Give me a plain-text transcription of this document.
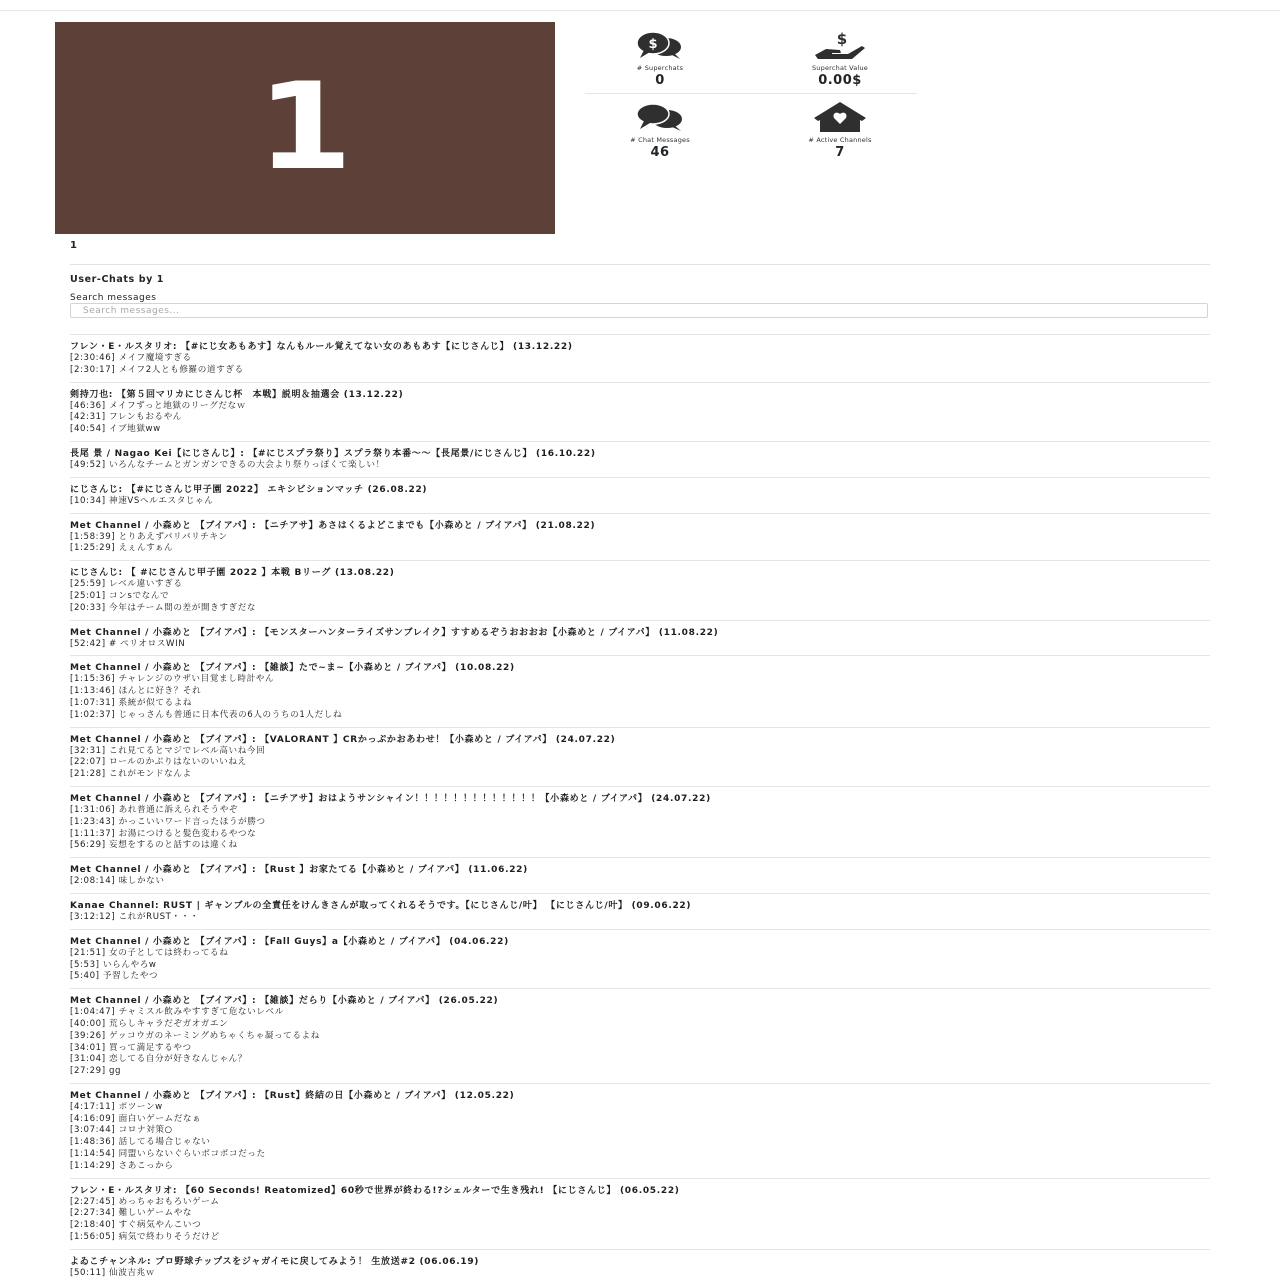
1
$
# Superchats
0
$
Superchat Value
0.00$
# Chat Messages
46
# Active Channels
7
1
User-Chats by 1
Search messages
Search messages...
フレン・E・ルスタリオ: 【#にじ女あもあす】なんもルール覚えてない女のあもあす【にじさんじ】 (13.12.22)
[2:30:46] メイフ魔境すぎる
[2:30:17] メイフ2人とも修羅の道すぎる
剣持刀也: 【第５回マリカにじさんじ杯　本戦】説明＆抽選会 (13.12.22)
[46:36] メイフずっと地獄のリーグだなｗ
[42:31] フレンもおるやん
[40:54] イブ地獄ww
長尾 景 / Nagao Kei【にじさんじ】: 【#にじスプラ祭り】スプラ祭り本番〜〜【長尾景/にじさんじ】 (16.10.22)
[49:52] いろんなチームとガンガンできるの大会より祭りっぽくて楽しい！
にじさんじ: 【#にじさんじ甲子園 2022】 エキシビションマッチ (26.08.22)
[10:34] 神速VSヘルエスタじゃん
Met Channel / 小森めと 【ブイアパ】: 【ニチアサ】あさはくるよどこまでも【小森めと / ブイアパ】 (21.08.22)
[1:58:39] とりあえずパリパリチキン
[1:25:29] えぇんすぁん
にじさんじ: 【 #にじさんじ甲子園 2022 】本戦 Bリーグ (13.08.22)
[25:59] レベル違いすぎる
[25:01] コンsでなんで
[20:33] 今年はチーム間の差が開きすぎだな
Met Channel / 小森めと 【ブイアパ】: 【モンスターハンターライズサンブレイク】すすめるぞうおおおお【小森めと / ブイアパ】 (11.08.22)
[52:42] # ペリオロスWIN
Met Channel / 小森めと 【ブイアパ】: 【雑談】たで~ま~【小森めと / ブイアパ】 (10.08.22)
[1:15:36] チャレンジのウザい目覚まし時計やん
[1:13:46] ほんとに好き？それ
[1:07:31] 系統が似てるよね
[1:02:37] じゃっさんも普通に日本代表の6人のうちの1人だしね
Met Channel / 小森めと 【ブイアパ】: 【VALORANT 】CRかっぷかおあわせ！【小森めと / ブイアパ】 (24.07.22)
[32:31] これ見てるとマジでレベル高いね今回
[22:07] ロールのかぶりはないのいいねえ
[21:28] これがモンドなんよ
Met Channel / 小森めと 【ブイアパ】: 【ニチアサ】おはようサンシャイン！！！！！！！！！！！！！【小森めと / ブイアパ】 (24.07.22)
[1:31:06] あれ普通に訴えられそうやぞ
[1:23:43] かっこいいワード言ったほうが勝つ
[1:11:37] お湯につけると髪色変わるやつな
[56:29] 妄想をするのと話すのは違くね
Met Channel / 小森めと 【ブイアパ】: 【Rust 】お家たてる【小森めと / ブイアパ】 (11.06.22)
[2:08:14] 味しかない
Kanae Channel: RUST | ギャンブルの全責任をけんきさんが取ってくれるそうです。【にじさんじ/叶】 【にじさんじ/叶】 (09.06.22)
[3:12:12] これがRUST・・・
Met Channel / 小森めと 【ブイアパ】: 【Fall Guys】a【小森めと / ブイアパ】 (04.06.22)
[21:51] 女の子としては終わってるね
[5:53] いらんやろw
[5:40] 予習したやつ
Met Channel / 小森めと 【ブイアパ】: 【雑談】だらり【小森めと / ブイアパ】 (26.05.22)
[1:04:47] チャミスル飲みやすすぎて危ないレベル
[40:00] 荒らしキャラだぞガオガエン
[39:26] ゲッコウガのネーミングめちゃくちゃ凝ってるよね
[34:01] 買って満足するやつ
[31:04] 恋してる自分が好きなんじゃん？
[27:29] gg
Met Channel / 小森めと 【ブイアパ】: 【Rust】終結の日【小森めと / ブイアパ】 (12.05.22)
[4:17:11] ポツーンw
[4:16:09] 面白いゲームだなぁ
[3:07:44] コロナ対策○
[1:48:36] 話してる場合じゃない
[1:14:54] 同盟いらないぐらいボコボコだった
[1:14:29] さあこっから
フレン・E・ルスタリオ: 【60 Seconds! Reatomized】60秒で世界が終わる!?シェルターで生き残れ! 【にじさんじ】 (06.05.22)
[2:27:45] めっちゃおもろいゲーム
[2:27:34] 難しいゲームやな
[2:18:40] すぐ病気やんこいつ
[1:56:05] 病気で終わりそうだけど
よゐこチャンネル: プロ野球チップスをジャガイモに戻してみよう！ 生放送#2 (06.06.19)
[50:11] 仙波吉兆ｗ
